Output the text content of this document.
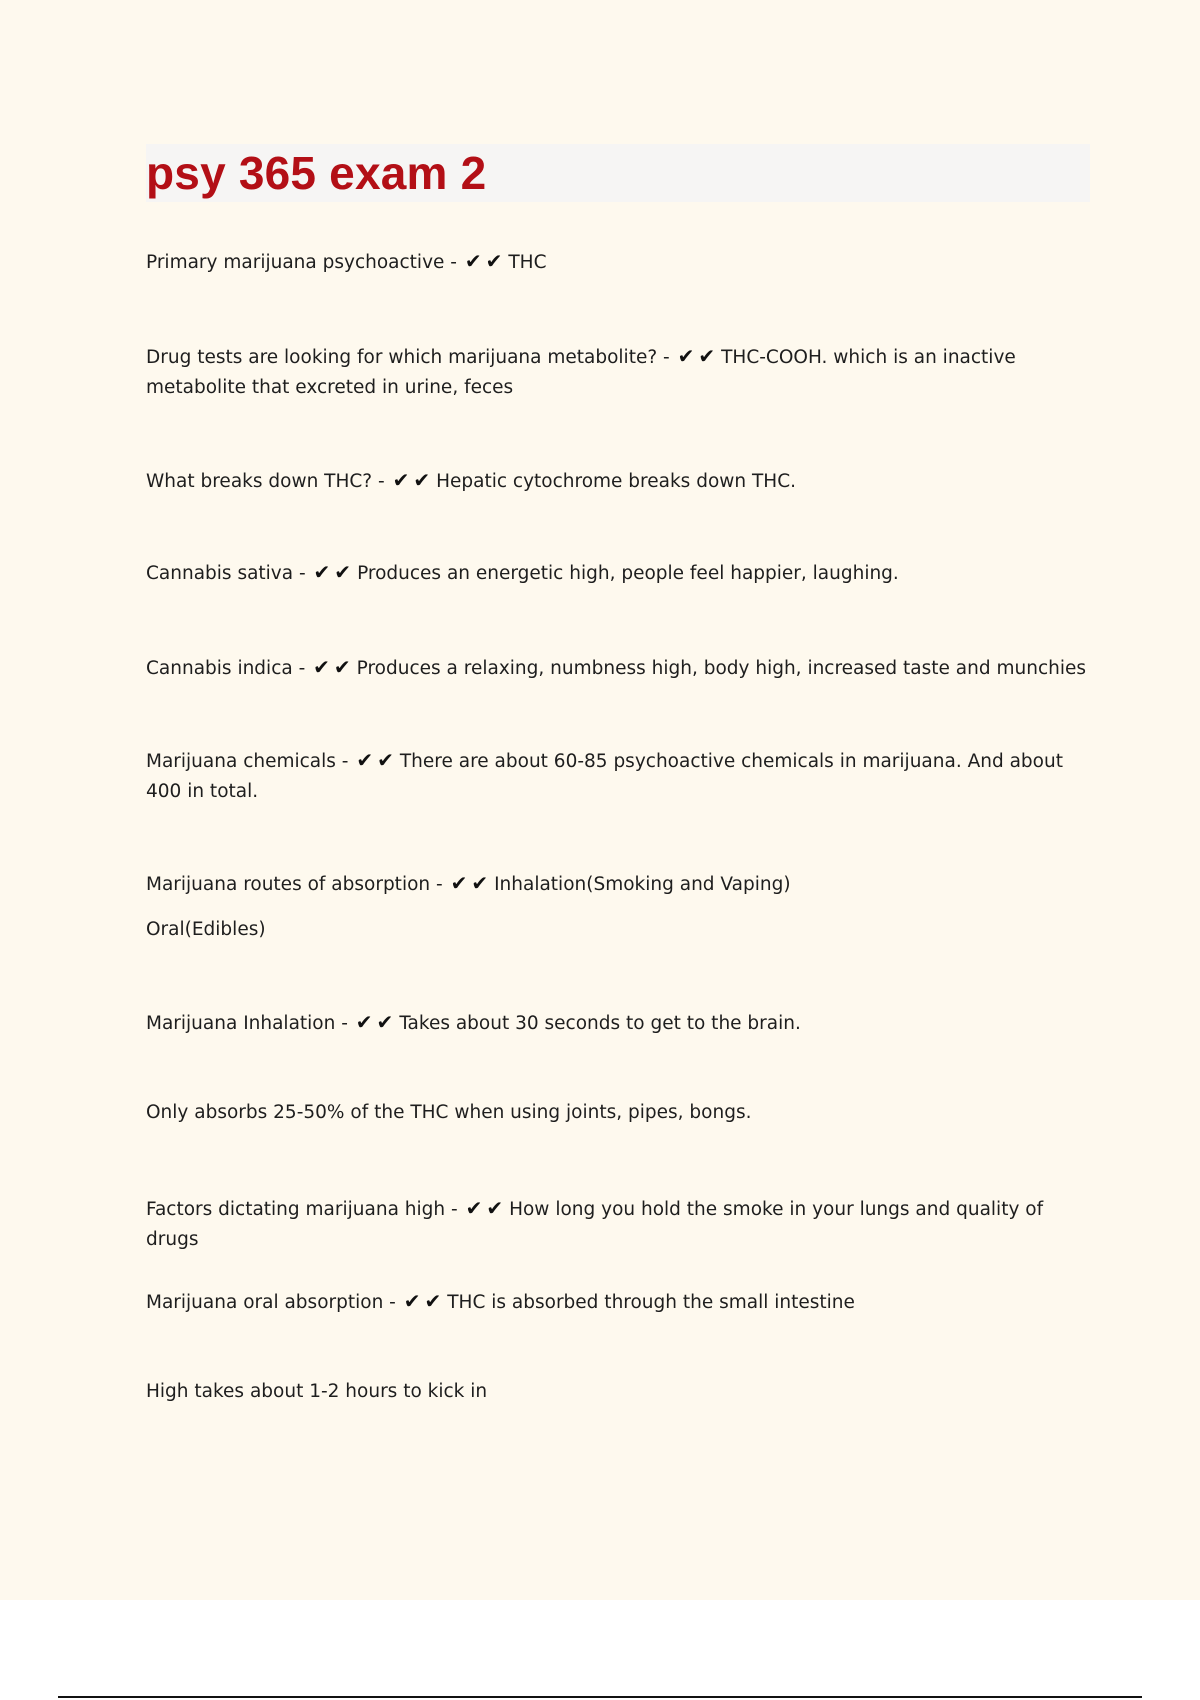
psy 365 exam 2
Primary marijuana psychoactive - ✔✔ THC
Drug tests are looking for which marijuana metabolite? - ✔✔ THC-COOH. which is an inactive metabolite that excreted in urine, feces
What breaks down THC? - ✔✔ Hepatic cytochrome breaks down THC.
Cannabis sativa - ✔✔ Produces an energetic high, people feel happier, laughing.
Cannabis indica - ✔✔ Produces a relaxing, numbness high, body high, increased taste and munchies
Marijuana chemicals - ✔✔ There are about 60-85 psychoactive chemicals in marijuana. And about 400 in total.
Marijuana routes of absorption - ✔✔ Inhalation(Smoking and Vaping)
Oral(Edibles)
Marijuana Inhalation - ✔✔ Takes about 30 seconds to get to the brain.
Only absorbs 25-50% of the THC when using joints, pipes, bongs.
Factors dictating marijuana high - ✔✔ How long you hold the smoke in your lungs and quality of drugs
Marijuana oral absorption - ✔✔ THC is absorbed through the small intestine
High takes about 1-2 hours to kick in
